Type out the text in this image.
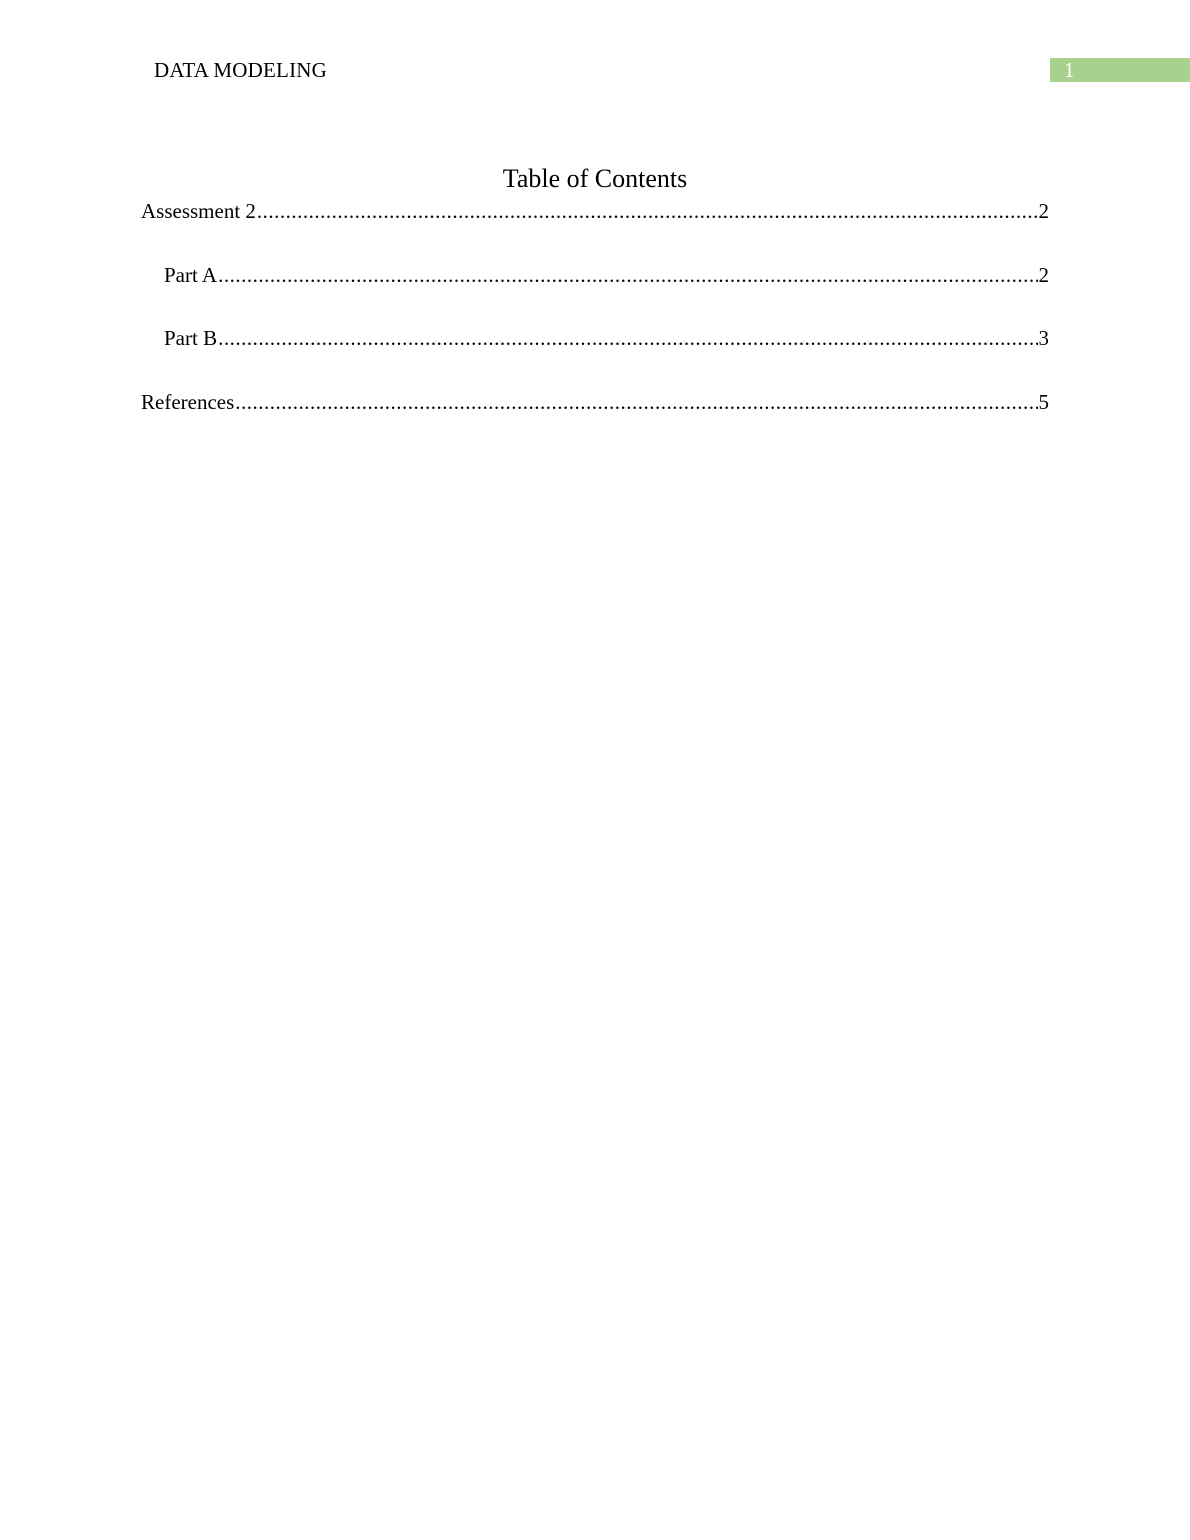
DATA MODELING	1
Table of Contents
Assessment 2 .....	2
Part A .....	2
Part B .....	3
References .....	5
